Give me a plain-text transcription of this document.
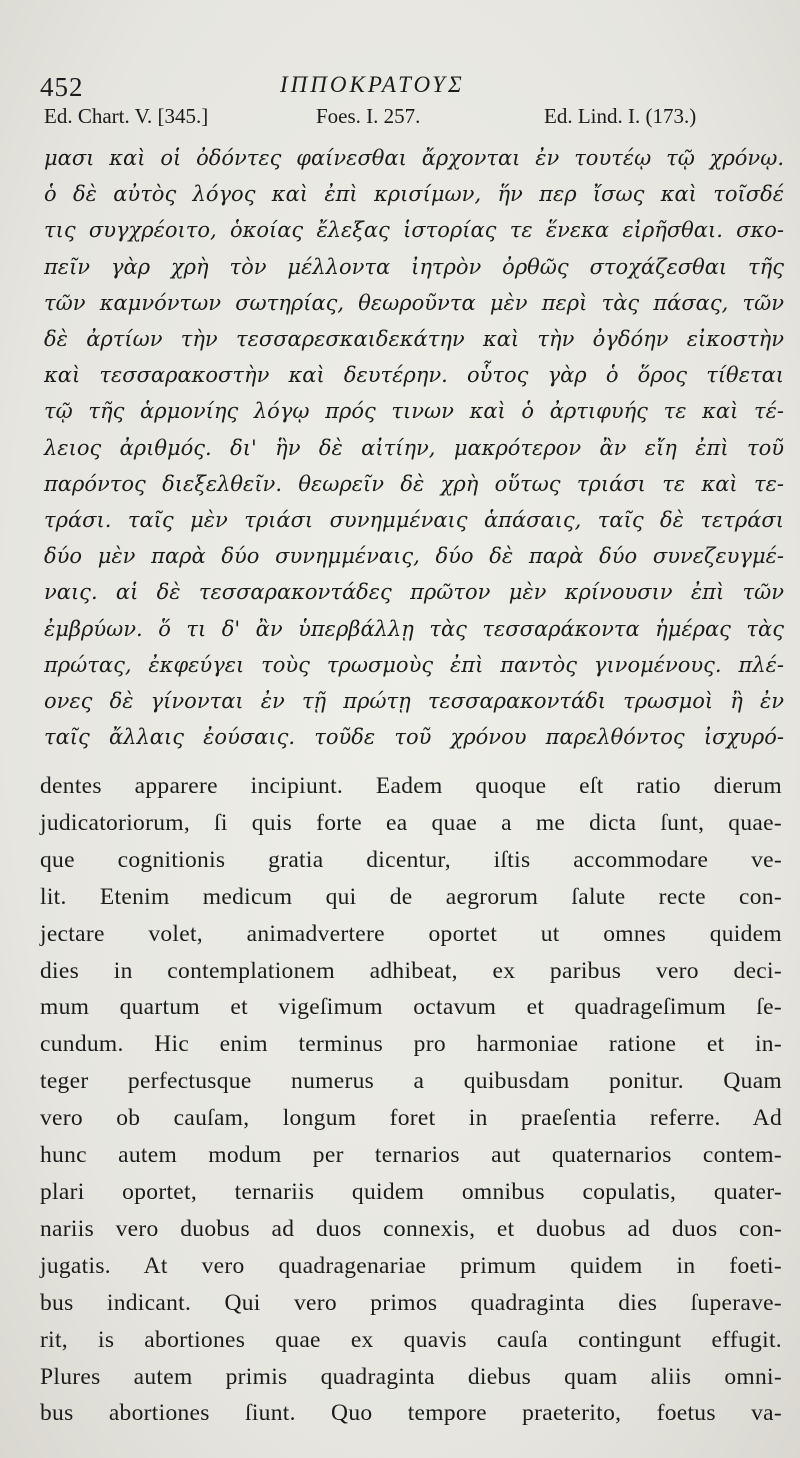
452	ΙΠΠΟΚΡΑΤΟΥΣ
Ed. Chart. V. [345.]	Foes. I. 257.	Ed. Lind. I. (173.)
μασι καὶ οἱ ὀδόντες φαίνεσθαι ἄρχονται ἐν τουτέῳ τῷ χρόνῳ.
ὁ δὲ αὐτὸς λόγος καὶ ἐπὶ κρισίμων, ἥν περ ἴσως καὶ τοῖσδέ
τις συγχρέοιτο, ὁκοίας ἔλεξας ἱστορίας τε ἕνεκα εἰρῆσθαι. σκο-
πεῖν γὰρ χρὴ τὸν μέλλοντα ἰητρὸν ὀρθῶς στοχάζεσθαι τῆς
τῶν καμνόντων σωτηρίας, θεωροῦντα μὲν περὶ τὰς πάσας, τῶν
δὲ ἀρτίων τὴν τεσσαρεσκαιδεκάτην καὶ τὴν ὀγδόην εἰκοστὴν
καὶ τεσσαρακοστὴν καὶ δευτέρην. οὗτος γὰρ ὁ ὅρος τίθεται
τῷ τῆς ἁρμονίης λόγῳ πρός τινων καὶ ὁ ἀρτιφυής τε καὶ τέ-
λειος ἀριθμός. δι' ἣν δὲ αἰτίην, μακρότερον ἂν εἴη ἐπὶ τοῦ
παρόντος διεξελθεῖν. θεωρεῖν δὲ χρὴ οὕτως τριάσι τε καὶ τε-
τράσι. ταῖς μὲν τριάσι συνημμέναις ἁπάσαις, ταῖς δὲ τετράσι
δύο μὲν παρὰ δύο συνημμέναις, δύο δὲ παρὰ δύο συνεζευγμέ-
ναις. αἱ δὲ τεσσαρακοντάδες πρῶτον μὲν κρίνουσιν ἐπὶ τῶν
ἐμβρύων. ὅ τι δ' ἂν ὑπερβάλλῃ τὰς τεσσαράκοντα ἡμέρας τὰς
πρώτας, ἐκφεύγει τοὺς τρωσμοὺς ἐπὶ παντὸς γινομένους. πλέ-
ονες δὲ γίνονται ἐν τῇ πρώτῃ τεσσαρακοντάδι τρωσμοὶ ἢ ἐν
ταῖς ἄλλαις ἐούσαις. τοῦδε τοῦ χρόνου παρελθόντος ἰσχυρό-
dentes apparere incipiunt. Eadem quoque eſt ratio dierum
judicatoriorum, ſi quis forte ea quae a me dicta ſunt, quae-
que cognitionis gratia dicentur, iſtis accommodare ve-
lit. Etenim medicum qui de aegrorum ſalute recte con-
jectare volet, animadvertere oportet ut omnes quidem
dies in contemplationem adhibeat, ex paribus vero deci-
mum quartum et vigeſimum octavum et quadrageſimum ſe-
cundum. Hic enim terminus pro harmoniae ratione et in-
teger perfectusque numerus a quibusdam ponitur. Quam
vero ob cauſam, longum foret in praeſentia referre. Ad
hunc autem modum per ternarios aut quaternarios contem-
plari oportet, ternariis quidem omnibus copulatis, quater-
nariis vero duobus ad duos connexis, et duobus ad duos con-
jugatis. At vero quadragenariae primum quidem in foeti-
bus indicant. Qui vero primos quadraginta dies ſuperave-
rit, is abortiones quae ex quavis cauſa contingunt effugit.
Plures autem primis quadraginta diebus quam aliis omni-
bus abortiones ſiunt. Quo tempore praeterito, foetus va-
